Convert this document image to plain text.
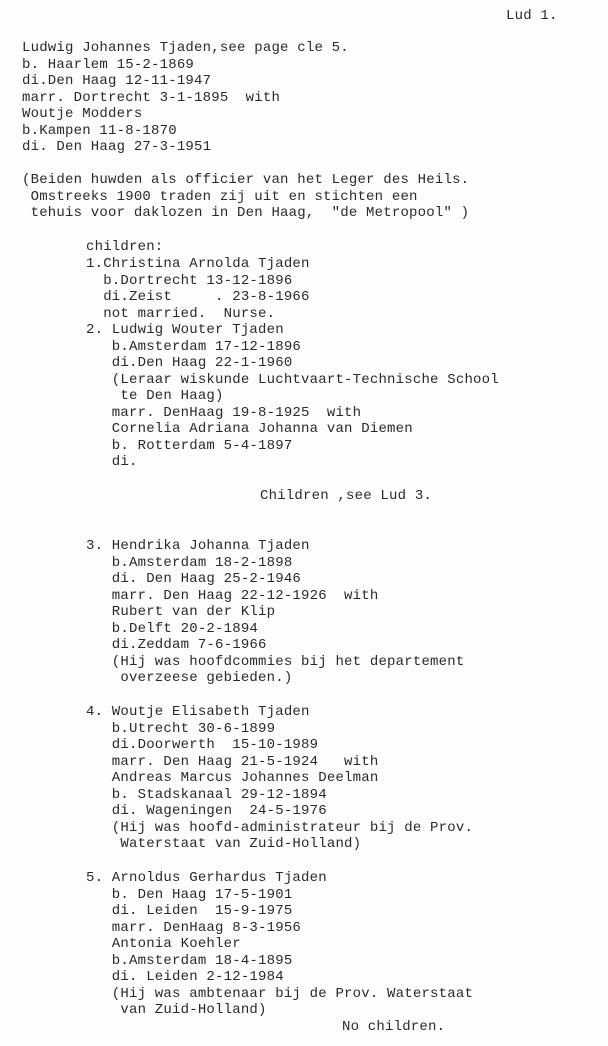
Lud 1.
Ludwig Johannes Tjaden,see page cle 5.
b. Haarlem 15-2-1869
di.Den Haag 12-11-1947
marr. Dortrecht 3-1-1895  with
Woutje Modders
b.Kampen 11-8-1870
di. Den Haag 27-3-1951
(Beiden huwden als officier van het Leger des Heils.
Omstreeks 1900 traden zij uit en stichten een
tehuis voor daklozen in Den Haag,  "de Metropool" )
children:
1.Christina Arnolda Tjaden
b.Dortrecht 13-12-1896
di.Zeist     . 23-8-1966
not married.  Nurse.
2. Ludwig Wouter Tjaden
b.Amsterdam 17-12-1896
di.Den Haag 22-1-1960
(Leraar wiskunde Luchtvaart-Technische School
te Den Haag)
marr. DenHaag 19-8-1925  with
Cornelia Adriana Johanna van Diemen
b. Rotterdam 5-4-1897
di.
Children ,see Lud 3.
3. Hendrika Johanna Tjaden
b.Amsterdam 18-2-1898
di. Den Haag 25-2-1946
marr. Den Haag 22-12-1926  with
Rubert van der Klip
b.Delft 20-2-1894
di.Zeddam 7-6-1966
(Hij was hoofdcommies bij het departement
overzeese gebieden.)
4. Woutje Elisabeth Tjaden
b.Utrecht 30-6-1899
di.Doorwerth  15-10-1989
marr. Den Haag 21-5-1924   with
Andreas Marcus Johannes Deelman
b. Stadskanaal 29-12-1894
di. Wageningen  24-5-1976
(Hij was hoofd-administrateur bij de Prov.
Waterstaat van Zuid-Holland)
5. Arnoldus Gerhardus Tjaden
b. Den Haag 17-5-1901
di. Leiden  15-9-1975
marr. DenHaag 8-3-1956
Antonia Koehler
b.Amsterdam 18-4-1895
di. Leiden 2-12-1984
(Hij was ambtenaar bij de Prov. Waterstaat
van Zuid-Holland)
No children.
